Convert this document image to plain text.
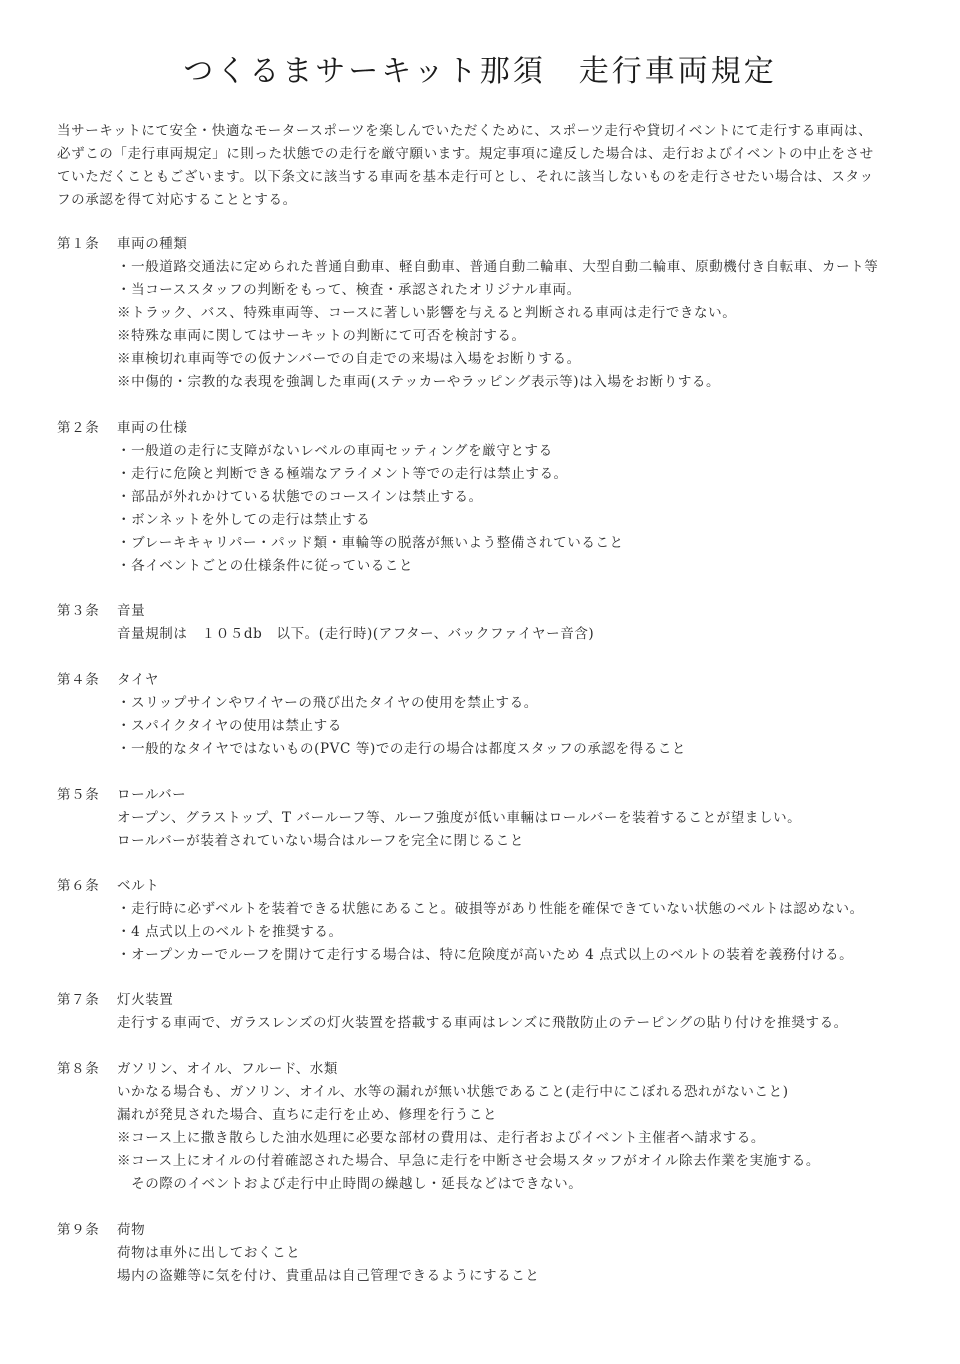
つくるまサーキット那須　走行車両規定
当サーキットにて安全・快適なモータースポーツを楽しんでいただくために、スポーツ走行や貸切イベントにて走行する車両は、
必ずこの「走行車両規定」に則った状態での走行を厳守願います。規定事項に違反した場合は、走行およびイベントの中止をさせ
ていただくこともございます。以下条文に該当する車両を基本走行可とし、それに該当しないものを走行させたい場合は、スタッ
フの承認を得て対応することとする。
第１条 車両の種類
・一般道路交通法に定められた普通自動車、軽自動車、普通自動二輪車、大型自動二輪車、原動機付き自転車、カート等
・当コーススタッフの判断をもって、検査・承認されたオリジナル車両。
※トラック、バス、特殊車両等、コースに著しい影響を与えると判断される車両は走行できない。
※特殊な車両に関してはサーキットの判断にて可否を検討する。
※車検切れ車両等での仮ナンバーでの自走での来場は入場をお断りする。
※中傷的・宗教的な表現を強調した車両(ステッカーやラッピング表示等)は入場をお断りする。
第２条 車両の仕様
・一般道の走行に支障がないレベルの車両セッティングを厳守とする
・走行に危険と判断できる極端なアライメント等での走行は禁止する。
・部品が外れかけている状態でのコースインは禁止する。
・ボンネットを外しての走行は禁止する
・ブレーキキャリパー・パッド類・車輪等の脱落が無いよう整備されていること
・各イベントごとの仕様条件に従っていること
第３条 音量
音量規制は　１０５db　以下。(走行時)(アフター、バックファイヤー音含)
第４条 タイヤ
・スリップサインやワイヤーの飛び出たタイヤの使用を禁止する。
・スパイクタイヤの使用は禁止する
・一般的なタイヤではないもの(PVC 等)での走行の場合は都度スタッフの承認を得ること
第５条 ロールバー
オープン、グラストップ、T バールーフ等、ルーフ強度が低い車輛はロールバーを装着することが望ましい。
ロールバーが装着されていない場合はルーフを完全に閉じること
第６条 ベルト
・走行時に必ずベルトを装着できる状態にあること。破損等があり性能を確保できていない状態のベルトは認めない。
・4 点式以上のベルトを推奨する。
・オープンカーでルーフを開けて走行する場合は、特に危険度が高いため 4 点式以上のベルトの装着を義務付ける。
第７条 灯火装置
走行する車両で、ガラスレンズの灯火装置を搭載する車両はレンズに飛散防止のテーピングの貼り付けを推奨する。
第８条 ガソリン、オイル、フルード、水類
いかなる場合も、ガソリン、オイル、水等の漏れが無い状態であること(走行中にこぼれる恐れがないこと)
漏れが発見された場合、直ちに走行を止め、修理を行うこと
※コース上に撒き散らした油水処理に必要な部材の費用は、走行者およびイベント主催者へ請求する。
※コース上にオイルの付着確認された場合、早急に走行を中断させ会場スタッフがオイル除去作業を実施する。
　その際のイベントおよび走行中止時間の繰越し・延長などはできない。
第９条 荷物
荷物は車外に出しておくこと
場内の盗難等に気を付け、貴重品は自己管理できるようにすること
